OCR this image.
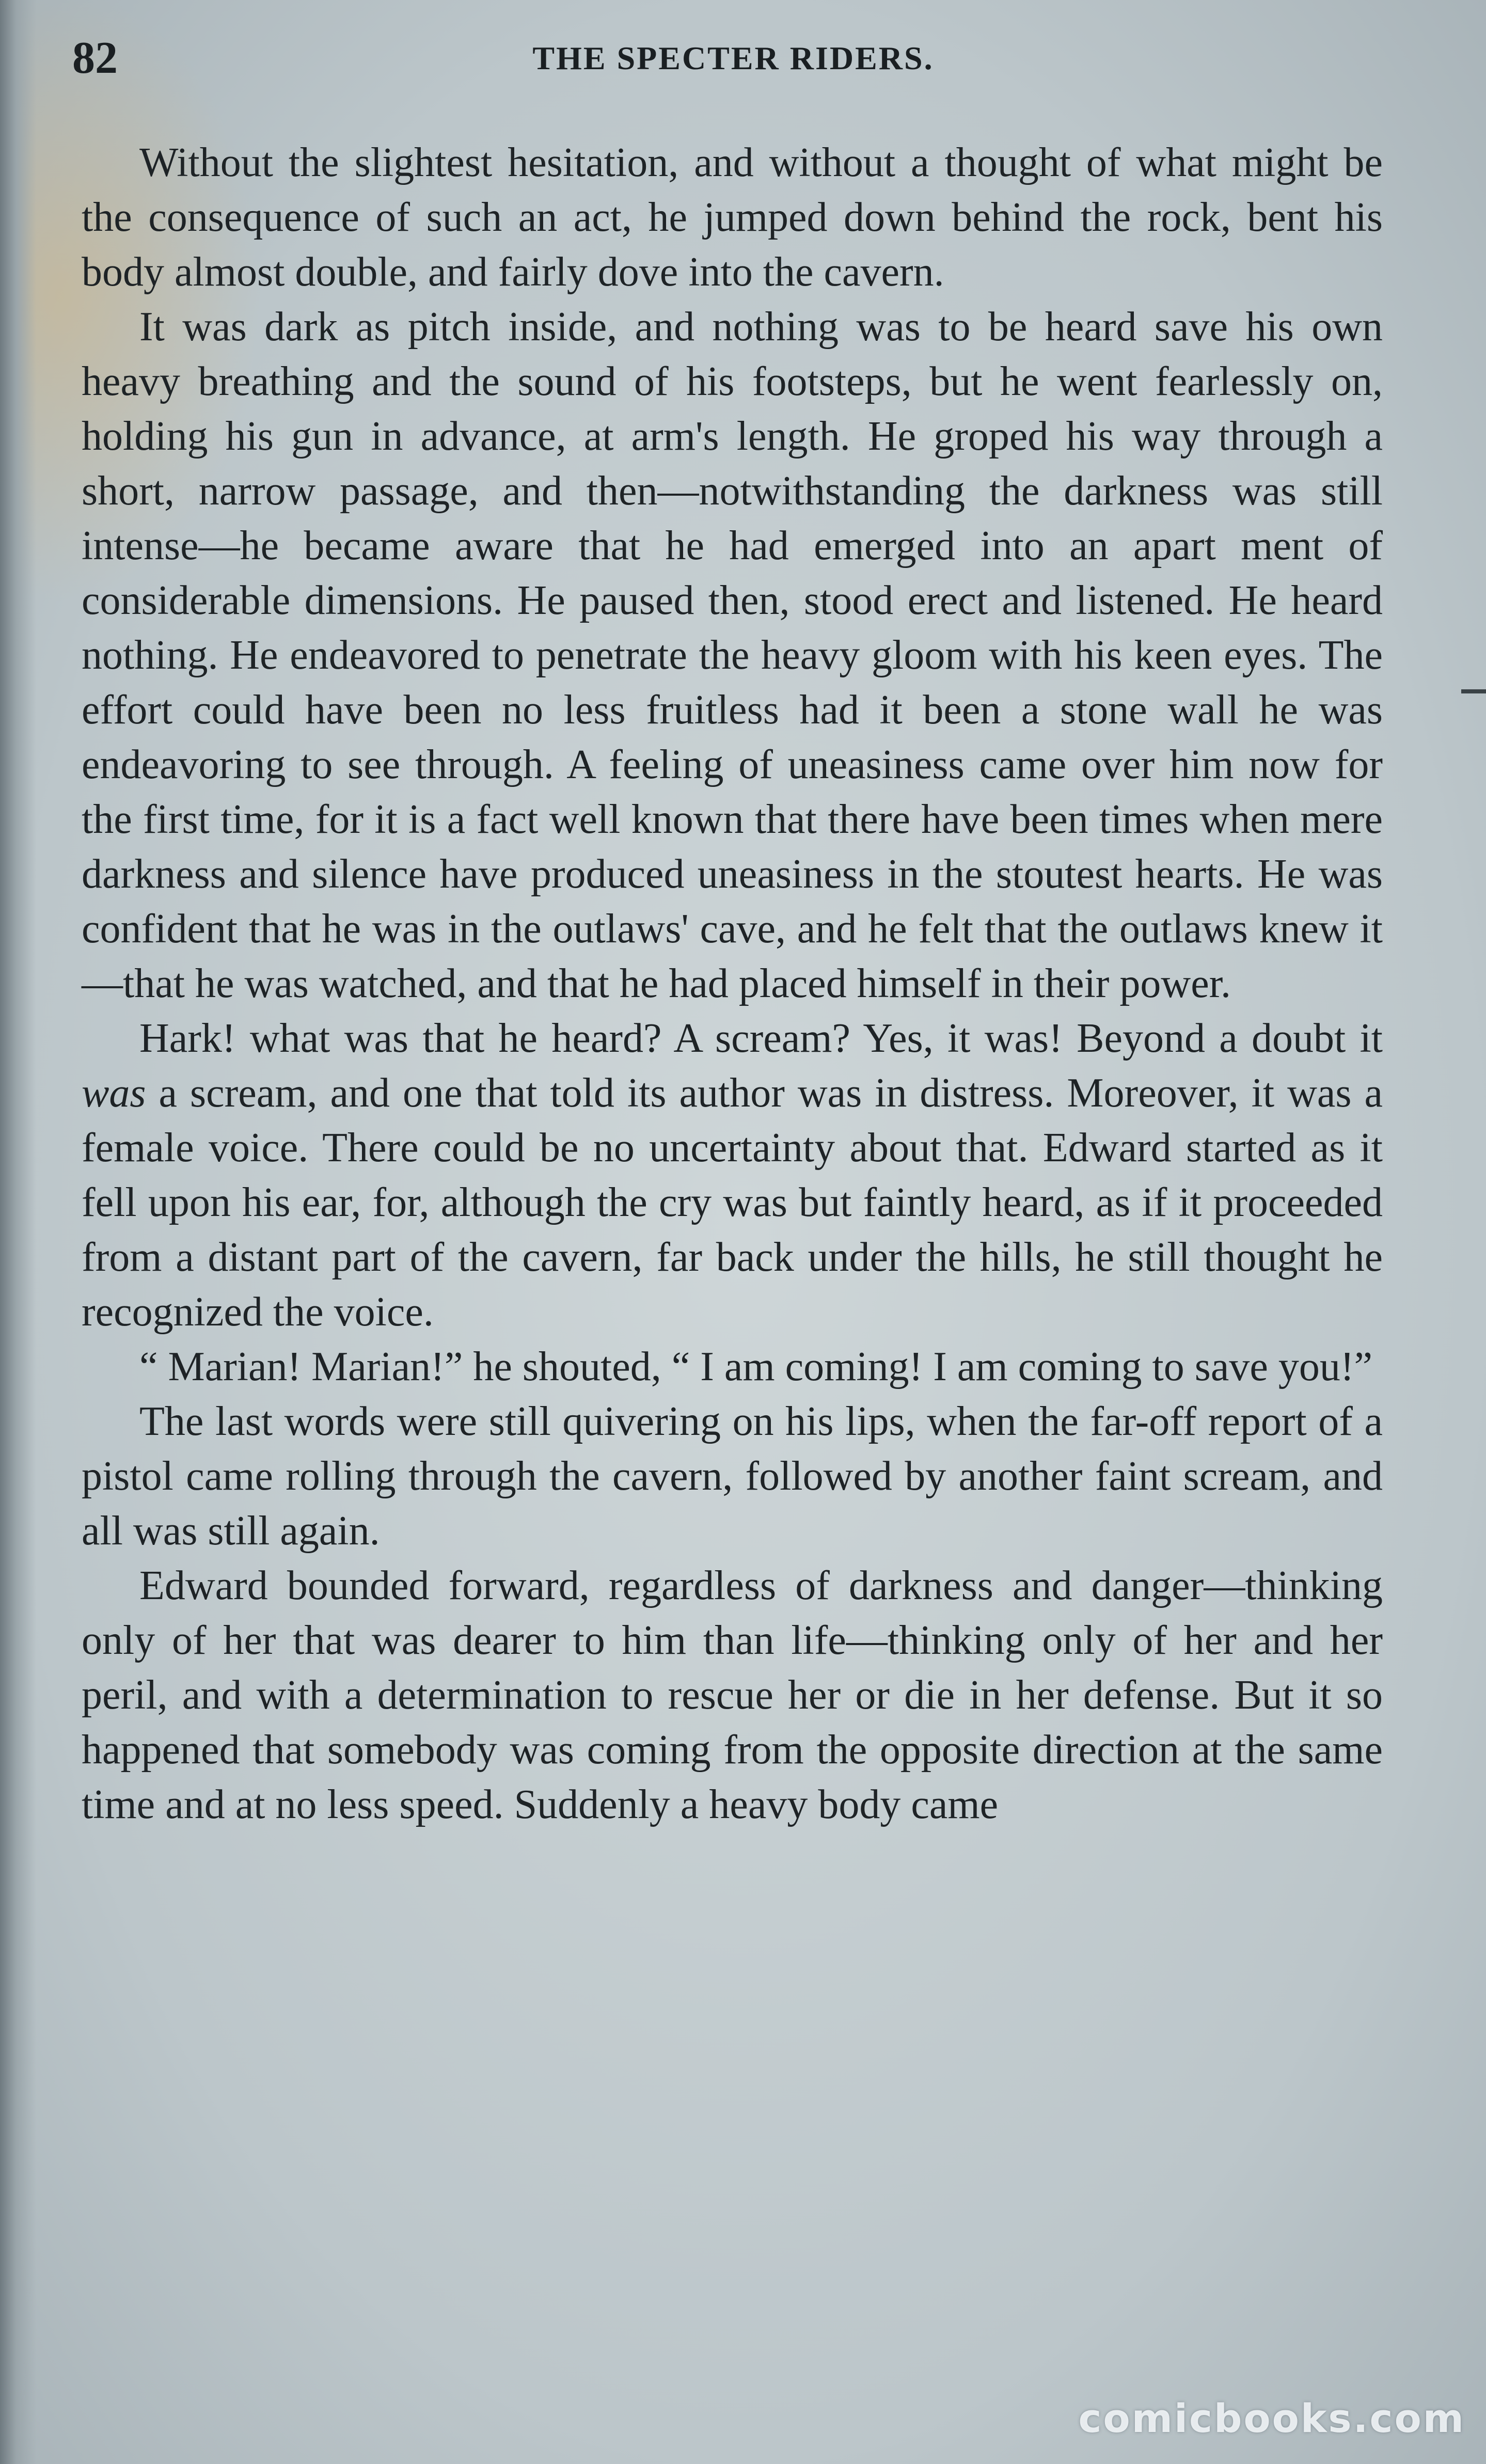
82	THE SPECTER RIDERS.

Without the slightest hesitation, and without a thought of what might be the consequence of such an act, he jumped down behind the rock, bent his body almost double, and fairly dove into the cavern.

It was dark as pitch inside, and nothing was to be heard save his own heavy breathing and the sound of his footsteps, but he went fearlessly on, holding his gun in advance, at arm's length. He groped his way through a short, narrow passage, and then—notwithstanding the darkness was still intense—he became aware that he had emerged into an apart ment of considerable dimensions. He paused then, stood erect and listened. He heard nothing. He endeavored to penetrate the heavy gloom with his keen eyes. The effort could have been no less fruitless had it been a stone wall he was endeavoring to see through. A feeling of uneasiness came over him now for the first time, for it is a fact well known that there have been times when mere darkness and silence have produced uneasiness in the stoutest hearts. He was confident that he was in the outlaws' cave, and he felt that the outlaws knew it—that he was watched, and that he had placed himself in their power.

Hark! what was that he heard? A scream? Yes, it was! Beyond a doubt it was a scream, and one that told its author was in distress. Moreover, it was a female voice. There could be no uncertainty about that. Edward started as it fell upon his ear, for, although the cry was but faintly heard, as if it proceeded from a distant part of the cavern, far back under the hills, he still thought he recognized the voice.

“ Marian! Marian!” he shouted, “ I am coming! I am coming to save you!”

The last words were still quivering on his lips, when the far-off report of a pistol came rolling through the cavern, followed by another faint scream, and all was still again.

Edward bounded forward, regardless of darkness and danger—thinking only of her that was dearer to him than life—thinking only of her and her peril, and with a determination to rescue her or die in her defense. But it so happened that somebody was coming from the opposite direction at the same time and at no less speed. Suddenly a heavy body came

comicbooks.com
